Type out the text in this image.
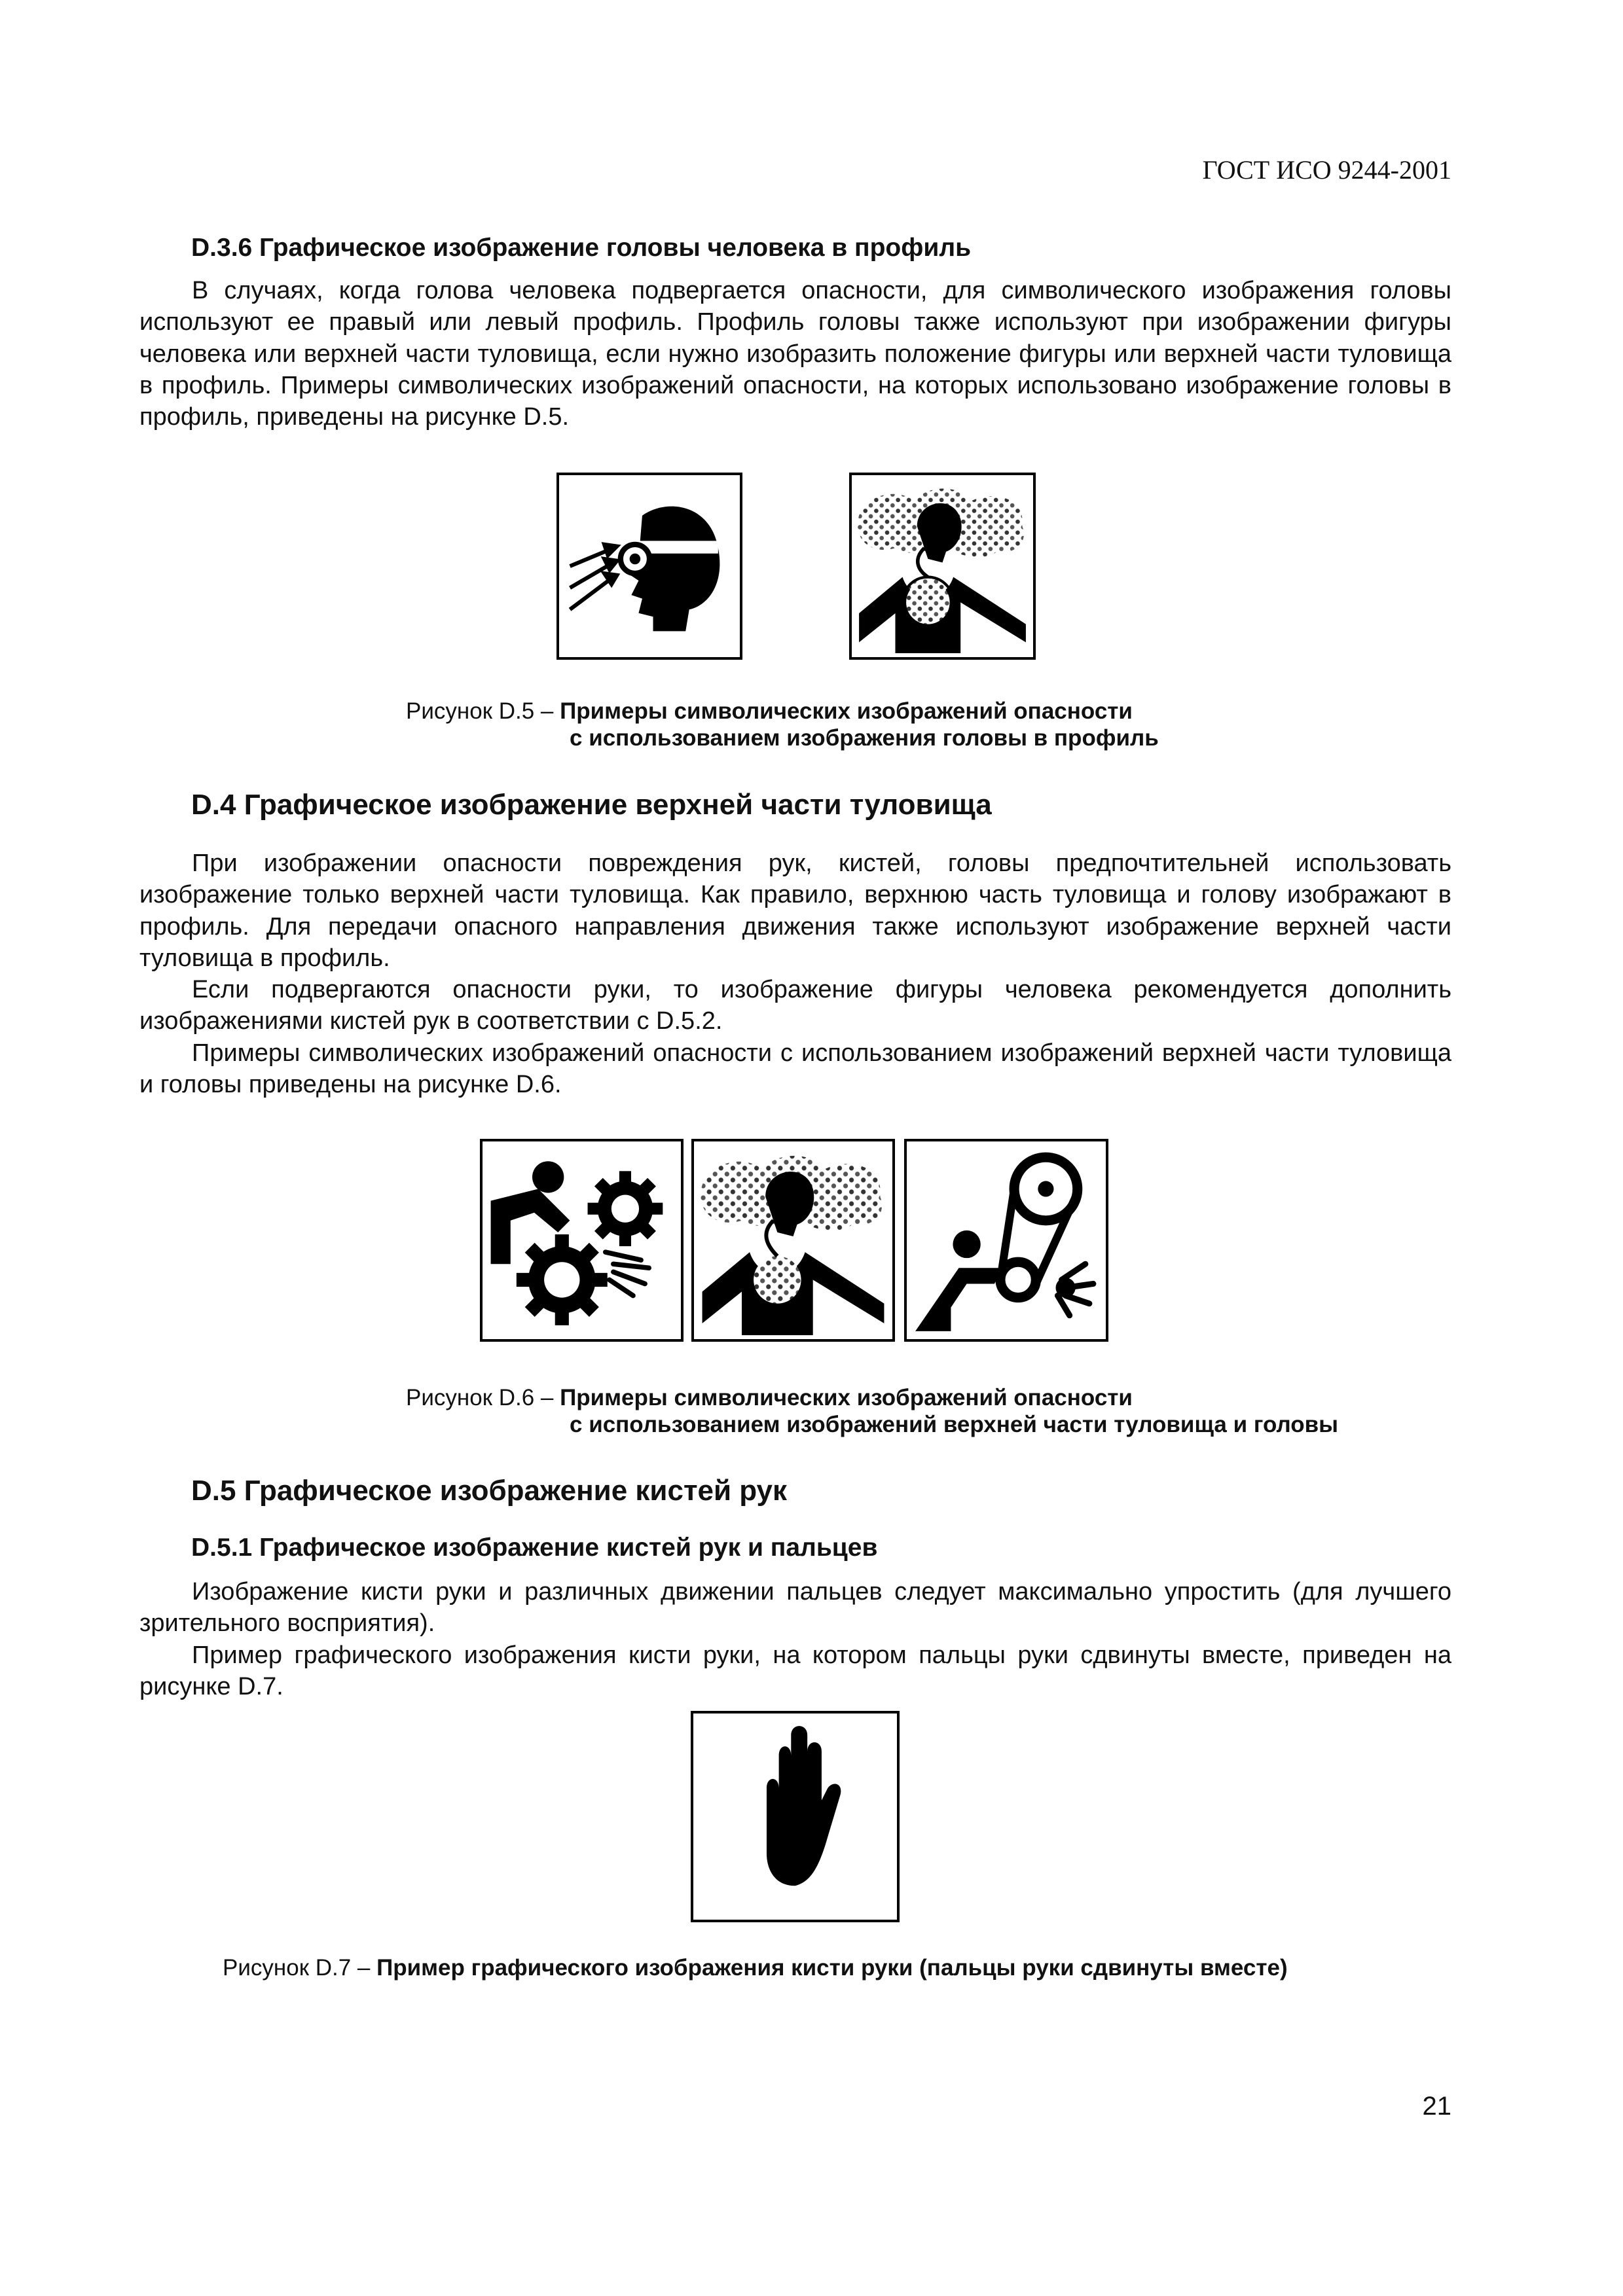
ГОСТ ИСО 9244-2001
D.3.6 Графическое изображение головы человека в профиль

В случаях, когда голова человека подвергается опасности, для символического изображения головы используют ее правый или левый профиль. Профиль головы также используют при изображении фигуры человека или верхней части туловища, если нужно изобразить положение фигуры или верхней части туловища в профиль. Примеры символических изображений опасности, на которых использовано изображение головы в профиль, приведены на рисунке D.5.

Рисунок D.5 – Примеры символических изображений опасности
с использованием изображения головы в профиль
D.4 Графическое изображение верхней части туловища

При изображении опасности повреждения рук, кистей, головы предпочтительней использовать изображение только верхней части туловища. Как правило, верхнюю часть туловища и голову изображают в профиль. Для передачи опасного направления движения также используют изображение верхней части туловища в профиль.

Если подвергаются опасности руки, то изображение фигуры человека рекомендуется дополнить изображениями кистей рук в соответствии с D.5.2.

Примеры символических изображений опасности с использованием изображений верхней части туловища и головы приведены на рисунке D.6.

Рисунок D.6 – Примеры символических изображений опасности
с использованием изображений верхней части туловища и головы
D.5 Графическое изображение кистей рук
D.5.1 Графическое изображение кистей рук и пальцев

Изображение кисти руки и различных движении пальцев следует максимально упростить (для лучшего зрительного восприятия).

Пример графического изображения кисти руки, на котором пальцы руки сдвинуты вместе, приведен на рисунке D.7.

Рисунок D.7 – Пример графического изображения кисти руки (пальцы руки сдвинуты вместе)
21
